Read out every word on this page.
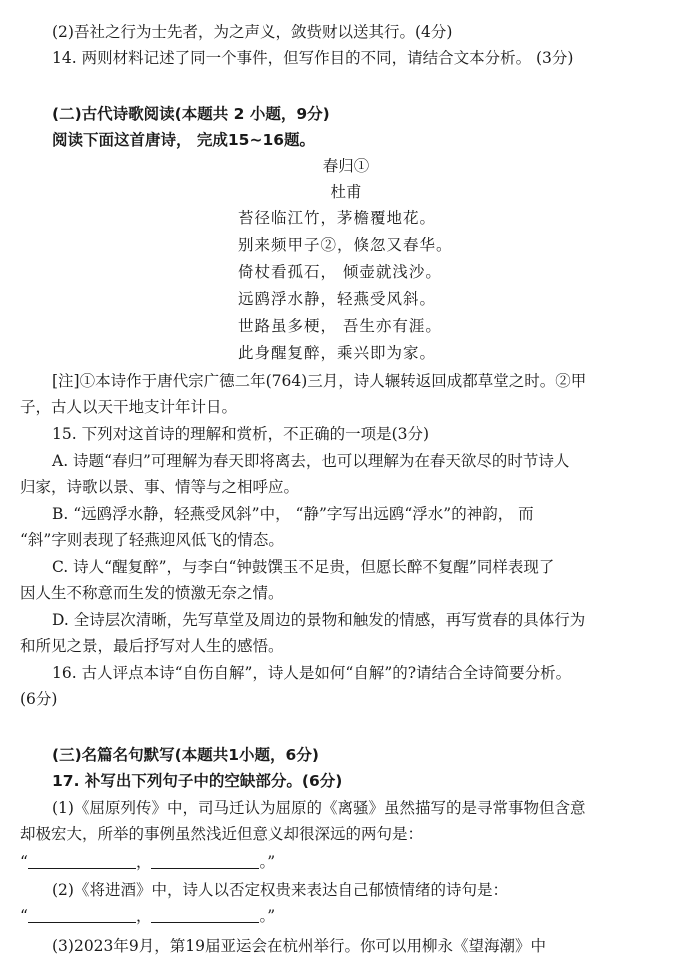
(2)吾社之行为士先者，为之声义，敛赀财以送其行。(4分)
14. 两则材料记述了同一个事件，但写作目的不同，请结合文本分析。 (3分)
(二)古代诗歌阅读(本题共 2 小题，9分)
阅读下面这首唐诗， 完成15~16题。
春归①
杜甫
苔径临江竹，茅檐覆地花。
别来频甲子②，倏忽又春华。
倚杖看孤石， 倾壶就浅沙。
远鸥浮水静，轻燕受风斜。
世路虽多梗， 吾生亦有涯。
此身醒复醉，乘兴即为家。
[注]①本诗作于唐代宗广德二年(764)三月，诗人辗转返回成都草堂之时。②甲
子，古人以天干地支计年计日。
15. 下列对这首诗的理解和赏析，不正确的一项是(3分)
A. 诗题“春归”可理解为春天即将离去，也可以理解为在春天欲尽的时节诗人
归家，诗歌以景、事、情等与之相呼应。
B. “远鸥浮水静，轻燕受风斜”中， “静”字写出远鸥“浮水”的神韵， 而
“斜”字则表现了轻燕迎风低飞的情态。
C. 诗人“醒复醉”，与李白“钟鼓馔玉不足贵，但愿长醉不复醒”同样表现了
因人生不称意而生发的愤激无奈之情。
D. 全诗层次清晰，先写草堂及周边的景物和触发的情感，再写赏春的具体行为
和所见之景，最后抒写对人生的感悟。
16. 古人评点本诗“自伤自解”，诗人是如何“自解”的?请结合全诗简要分析。
(6分)
(三)名篇名句默写(本题共1小题，6分)
17. 补写出下列句子中的空缺部分。(6分)
(1)《屈原列传》中，司马迁认为屈原的《离骚》虽然描写的是寻常事物但含意
却极宏大，所举的事例虽然浅近但意义却很深远的两句是：
“	，	。”
(2)《将进酒》中，诗人以否定权贵来表达自己郁愤情绪的诗句是：
“	，	。”
(3)2023年9月，第19届亚运会在杭州举行。你可以用柳永《望海潮》中
